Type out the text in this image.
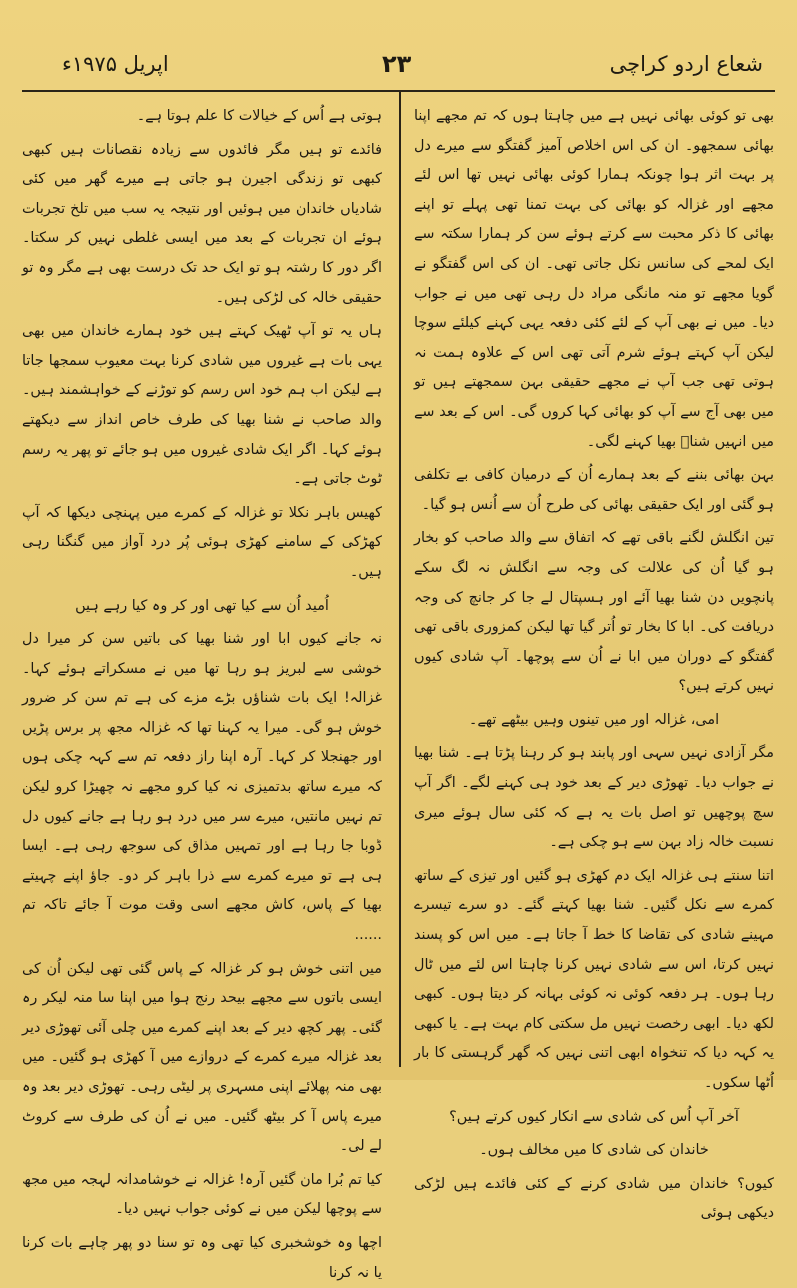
شعاع اردو کراچی
۲۳
اپریل ۱۹۷۵ء

بھی تو کوئی بھائی نہیں ہے میں چاہتا ہوں کہ تم مجھے اپنا بھائی سمجھو۔ ان کی اس اخلاص آمیز گفتگو سے میرے دل پر بہت اثر ہوا چونکہ ہمارا کوئی بھائی نہیں تھا اس لئے مجھے اور غزالہ کو بھائی کی بہت تمنا تھی پہلے تو اپنے بھائی کا ذکر محبت سے کرتے ہوئے سن کر ہمارا سکتہ سے ایک لمحے کی سانس نکل جاتی تھی۔ ان کی اس گفتگو نے گویا مجھے تو منہ مانگی مراد دل رہی تھی میں نے جواب دیا۔ میں نے بھی آپ کے لئے کئی دفعہ یہی کہنے کیلئے سوچا لیکن آپ کہتے ہوئے شرم آتی تھی اس کے علاوہ ہمت نہ ہوتی تھی جب آپ نے مجھے حقیقی بہن سمجھتے ہیں تو میں بھی آج سے آپ کو بھائی کہا کروں گی۔ اس کے بعد سے میں انہیں شناؔ بھیا کہنے لگی۔

بہن بھائی بننے کے بعد ہمارے اُن کے درمیان کافی بے تکلفی ہو گئی اور ایک حقیقی بھائی کی طرح اُن سے اُنس ہو گیا۔

تین انگلش لگنے باقی تھے کہ اتفاق سے والد صاحب کو بخار ہو گیا اُن کی علالت کی وجہ سے انگلش نہ لگ سکے پانچویں دن شنا بھیا آئے اور ہسپتال لے جا کر جانچ کی وجہ دریافت کی۔ ابا کا بخار تو اُتر گیا تھا لیکن کمزوری باقی تھی گفتگو کے دوران میں ابا نے اُن سے پوچھا۔ آپ شادی کیوں نہیں کرتے ہیں؟

امی، غزالہ اور میں تینوں وہیں بیٹھے تھے۔

مگر آزادی نہیں سہی اور پابند ہو کر رہنا پڑتا ہے۔ شنا بھیا نے جواب دیا۔ تھوڑی دیر کے بعد خود ہی کہنے لگے۔ اگر آپ سچ پوچھیں تو اصل بات یہ ہے کہ کئی سال ہوئے میری نسبت خالہ زاد بہن سے ہو چکی ہے۔

اتنا سنتے ہی غزالہ ایک دم کھڑی ہو گئیں اور تیزی کے ساتھ کمرے سے نکل گئیں۔ شنا بھیا کہتے گئے۔ دو سرے تیسرے مہینے شادی کی تقاضا کا خط آ جاتا ہے۔ میں اس کو پسند نہیں کرتا، اس سے شادی نہیں کرنا چاہتا اس لئے میں ٹال رہا ہوں۔ ہر دفعہ کوئی نہ کوئی بہانہ کر دیتا ہوں۔ کبھی لکھ دیا۔ ابھی رخصت نہیں مل سکتی کام بہت ہے۔ یا کبھی یہ کہہ دیا کہ تنخواہ ابھی اتنی نہیں کہ گھر گرہستی کا بار اُٹھا سکوں۔

آخر آپ اُس کی شادی سے انکار کیوں کرتے ہیں؟

خاندان کی شادی کا میں مخالف ہوں۔

کیوں؟ خاندان میں شادی کرنے کے کئی فائدے ہیں لڑکی دیکھی ہوئی

ہوتی ہے اُس کے خیالات کا علم ہوتا ہے۔

فائدے تو ہیں مگر فائدوں سے زیادہ نقصانات ہیں کبھی کبھی تو زندگی اجیرن ہو جاتی ہے میرے گھر میں کئی شادیاں خاندان میں ہوئیں اور نتیجہ یہ سب میں تلخ تجربات ہوئے ان تجربات کے بعد میں ایسی غلطی نہیں کر سکتا۔ اگر دور کا رشتہ ہو تو ایک حد تک درست بھی ہے مگر وہ تو حقیقی خالہ کی لڑکی ہیں۔

ہاں یہ تو آپ ٹھیک کہتے ہیں خود ہمارے خاندان میں بھی یہی بات ہے غیروں میں شادی کرنا بہت معیوب سمجھا جاتا ہے لیکن اب ہم خود اس رسم کو توڑنے کے خواہشمند ہیں۔ والد صاحب نے شنا بھیا کی طرف خاص انداز سے دیکھتے ہوئے کہا۔ اگر ایک شادی غیروں میں ہو جائے تو پھر یہ رسم ٹوٹ جاتی ہے۔

کھیس باہر نکلا تو غزالہ کے کمرے میں پہنچی دیکھا کہ آپ کھڑکی کے سامنے کھڑی ہوئی پُر درد آواز میں گنگنا رہی ہیں۔

اُمید اُن سے کیا تھی اور کر وہ کیا رہے ہیں

نہ جانے کیوں ابا اور شنا بھیا کی باتیں سن کر میرا دل خوشی سے لبریز ہو رہا تھا میں نے مسکراتے ہوئے کہا۔ غزالہ! ایک بات شناؤں بڑے مزے کی ہے تم سن کر ضرور خوش ہو گی۔ میرا یہ کہنا تھا کہ غزالہ مجھ پر برس پڑیں اور جھنجلا کر کہا۔ آرہ اپنا راز دفعہ تم سے کہہ چکی ہوں کہ میرے ساتھ بدتمیزی نہ کیا کرو مجھے نہ چھیڑا کرو لیکن تم نہیں مانتیں، میرے سر میں درد ہو رہا ہے جانے کیوں دل ڈوبا جا رہا ہے اور تمہیں مذاق کی سوجھ رہی ہے۔ ایسا ہی ہے تو میرے کمرے سے ذرا باہر کر دو۔ جاؤ اپنے چہیتے بھیا کے پاس، کاش مجھے اسی وقت موت آ جائے تاکہ تم ......

میں اتنی خوش ہو کر غزالہ کے پاس گئی تھی لیکن اُن کی ایسی باتوں سے مجھے بیحد رنج ہوا میں اپنا سا منہ لیکر رہ گئی۔ پھر کچھ دیر کے بعد اپنے کمرے میں چلی آئی تھوڑی دیر بعد غزالہ میرے کمرے کے دروازے میں آ کھڑی ہو گئیں۔ میں بھی منہ پھلائے اپنی مسہری پر لیٹی رہی۔ تھوڑی دیر بعد وہ میرے پاس آ کر بیٹھ گئیں۔ میں نے اُن کی طرف سے کروٹ لے لی۔

کیا تم بُرا مان گئیں آرہ! غزالہ نے خوشامدانہ لہجہ میں مجھ سے پوچھا لیکن میں نے کوئی جواب نہیں دیا۔

اچھا وہ خوشخبری کیا تھی وہ تو سنا دو پھر چاہے بات کرنا یا نہ کرنا
